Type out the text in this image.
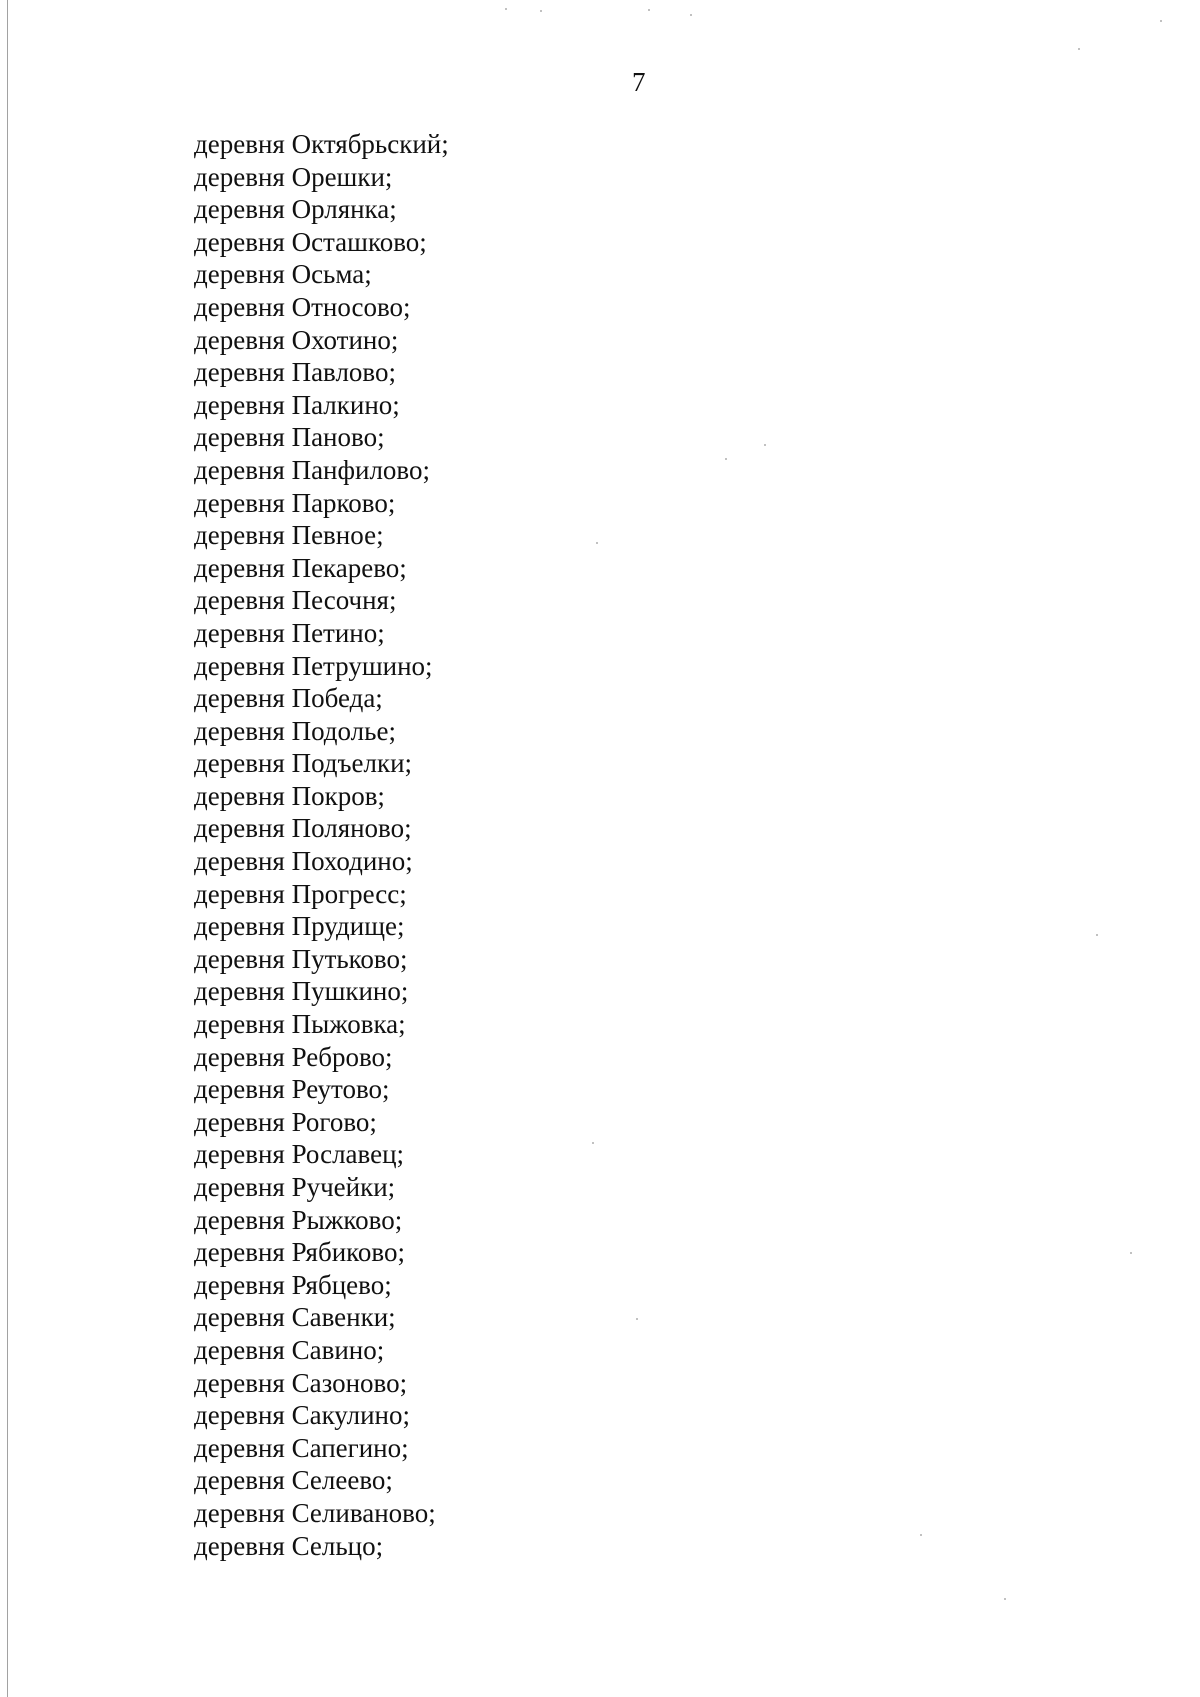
7
деревня Октябрьский;
деревня Орешки;
деревня Орлянка;
деревня Осташково;
деревня Осьма;
деревня Относово;
деревня Охотино;
деревня Павлово;
деревня Палкино;
деревня Паново;
деревня Панфилово;
деревня Парково;
деревня Певное;
деревня Пекарево;
деревня Песочня;
деревня Петино;
деревня Петрушино;
деревня Победа;
деревня Подолье;
деревня Подъелки;
деревня Покров;
деревня Поляново;
деревня Походино;
деревня Прогресс;
деревня Прудище;
деревня Путьково;
деревня Пушкино;
деревня Пыжовка;
деревня Реброво;
деревня Реутово;
деревня Рогово;
деревня Рославец;
деревня Ручейки;
деревня Рыжково;
деревня Рябиково;
деревня Рябцево;
деревня Савенки;
деревня Савино;
деревня Сазоново;
деревня Сакулино;
деревня Сапегино;
деревня Селеево;
деревня Селиваново;
деревня Сельцо;
